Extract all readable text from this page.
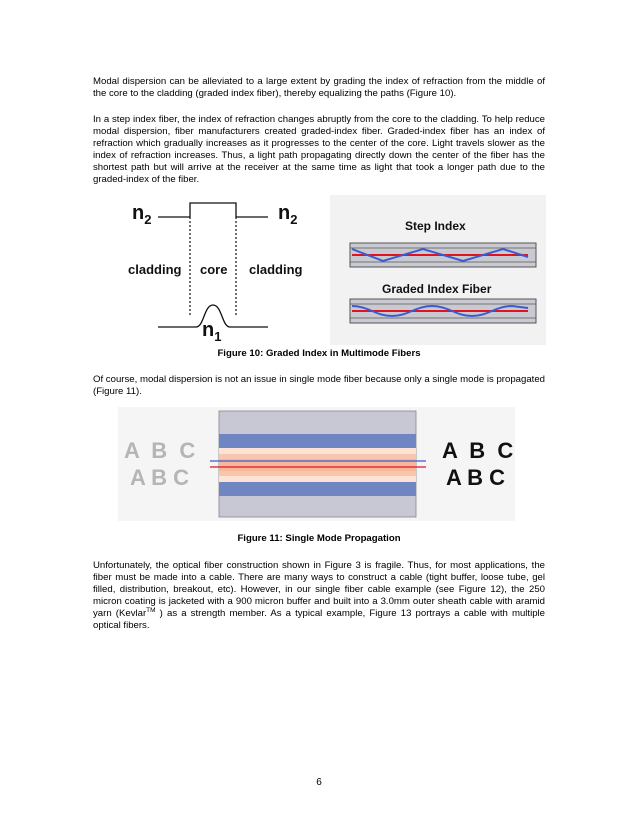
Modal dispersion can be alleviated to a large extent by grading the index of refraction from the middle of the core to the cladding (graded index fiber), thereby equalizing the paths (Figure 10).

In a step index fiber, the index of refraction changes abruptly from the core to the cladding. To help reduce modal dispersion, fiber manufacturers created graded-index fiber. Graded-index fiber has an index of refraction which gradually increases as it progresses to the center of the core. Light travels slower as the index of refraction increases. Thus, a light path propagating directly down the center of the fiber has the shortest path but will arrive at the receiver at the same time as light that took a longer path due to the graded-index of the fiber.

$n_2$	$n_2$
$n_1$
cladding core cladding
Step Index
Graded Index Fiber

Figure 10: Graded Index in Multimode Fibers

Of course, modal dispersion is not an issue in single mode fiber because only a single mode is propagated (Figure 11).

A  B  C
A B C
A  B  C
A B C

Figure 11: Single Mode Propagation

Unfortunately, the optical fiber construction shown in Figure 3 is fragile. Thus, for most applications, the fiber must be made into a cable. There are many ways to construct a cable (tight buffer, loose tube, gel filled, distribution, breakout, etc). However, in our single fiber cable example (see Figure 12), the 250 micron coating is jacketed with a 900 micron buffer and built into a 3.0mm outer sheath cable with aramid yarn (Kevlar™ ) as a strength member. As a typical example, Figure 13 portrays a cable with multiple optical fibers.

6
